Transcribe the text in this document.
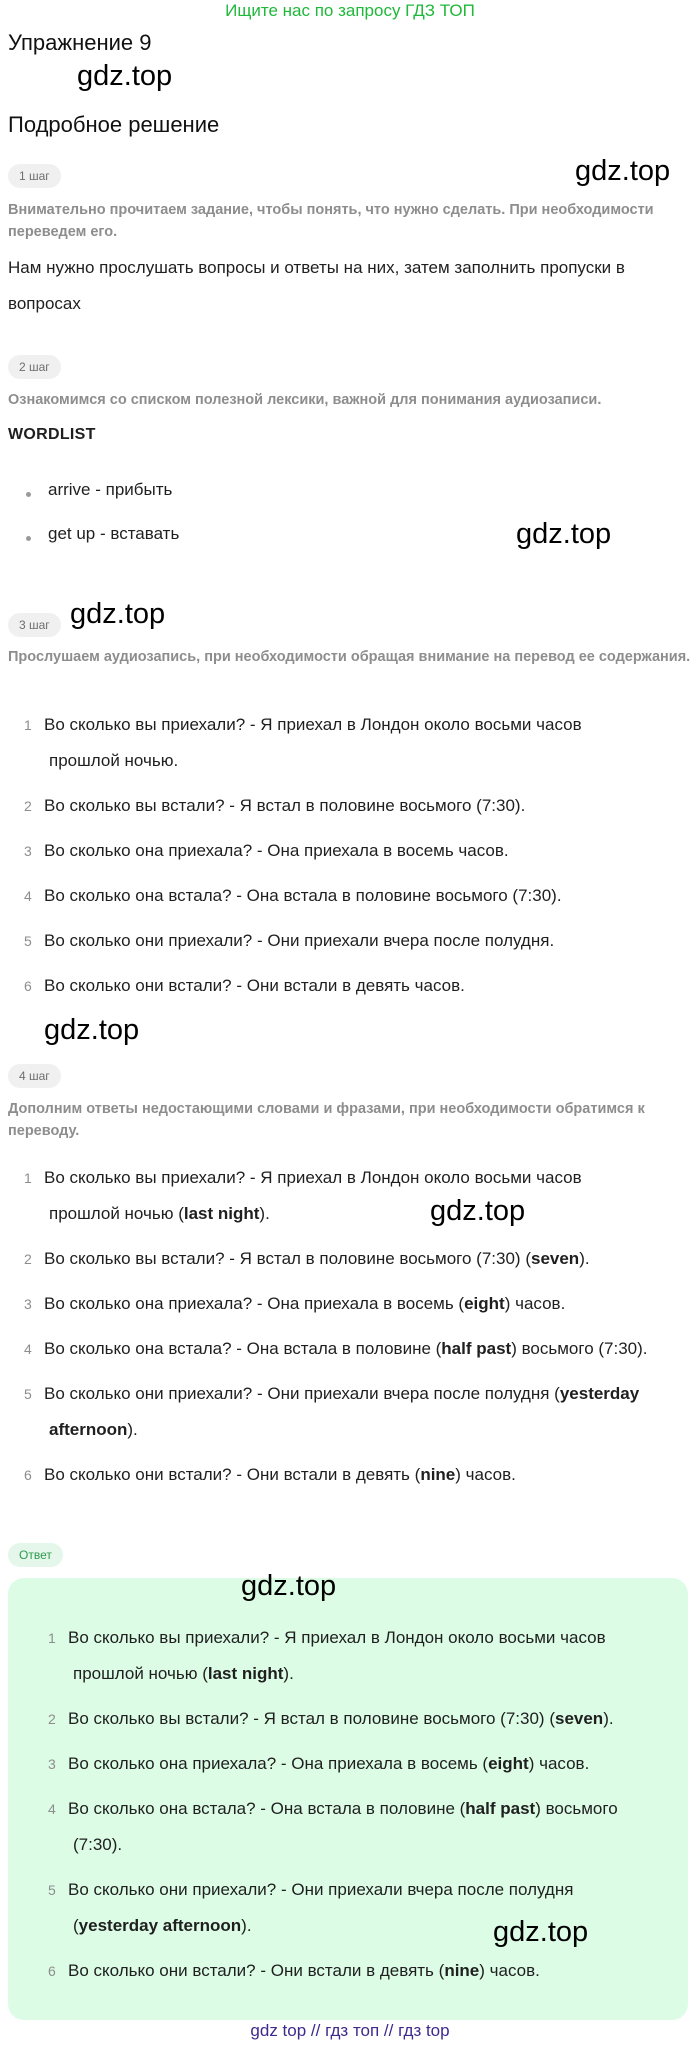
Ищите нас по запросу ГДЗ ТОП
Упражнение 9
gdz.top
Подробное решение
1 шаг	gdz.top
Внимательно прочитаем задание, чтобы понять, что нужно сделать. При необходимости переведем его.
Нам нужно прослушать вопросы и ответы на них, затем заполнить пропуски в вопросах
2 шаг
Ознакомимся со списком полезной лексики, важной для понимания аудиозаписи.
WORDLIST
arrive - прибыть
get up - вставать	gdz.top
3 шаг gdz.top
Прослушаем аудиозапись, при необходимости обращая внимание на перевод ее содержания.
1 Во сколько вы приехали? - Я приехал в Лондон около восьми часов
прошлой ночью.
2 Во сколько вы встали? - Я встал в половине восьмого (7:30).
3 Во сколько она приехала? - Она приехала в восемь часов.
4 Во сколько она встала? - Она встала в половине восьмого (7:30).
5 Во сколько они приехали? - Они приехали вчера после полудня.
6 Во сколько они встали? - Они встали в девять часов.
gdz.top
4 шаг
Дополним ответы недостающими словами и фразами, при необходимости обратимся к переводу.
1 Во сколько вы приехали? - Я приехал в Лондон около восьми часов
прошлой ночью (last night).
2 Во сколько вы встали? - Я встал в половине восьмого (7:30) (seven).
3 Во сколько она приехала? - Она приехала в восемь (eight) часов.
4 Во сколько она встала? - Она встала в половине (half past) восьмого (7:30).
5 Во сколько они приехали? - Они приехали вчера после полудня (yesterday
afternoon).
6 Во сколько они встали? - Они встали в девять (nine) часов.
gdz.top
Ответ
gdz.top
1 Во сколько вы приехали? - Я приехал в Лондон около восьми часов
прошлой ночью (last night).
2 Во сколько вы встали? - Я встал в половине восьмого (7:30) (seven).
3 Во сколько она приехала? - Она приехала в восемь (eight) часов.
4 Во сколько она встала? - Она встала в половине (half past) восьмого
(7:30).
5 Во сколько они приехали? - Они приехали вчера после полудня
(yesterday afternoon).
6 Во сколько они встали? - Они встали в девять (nine) часов.
gdz.top
gdz top // гдз топ // гдз top
